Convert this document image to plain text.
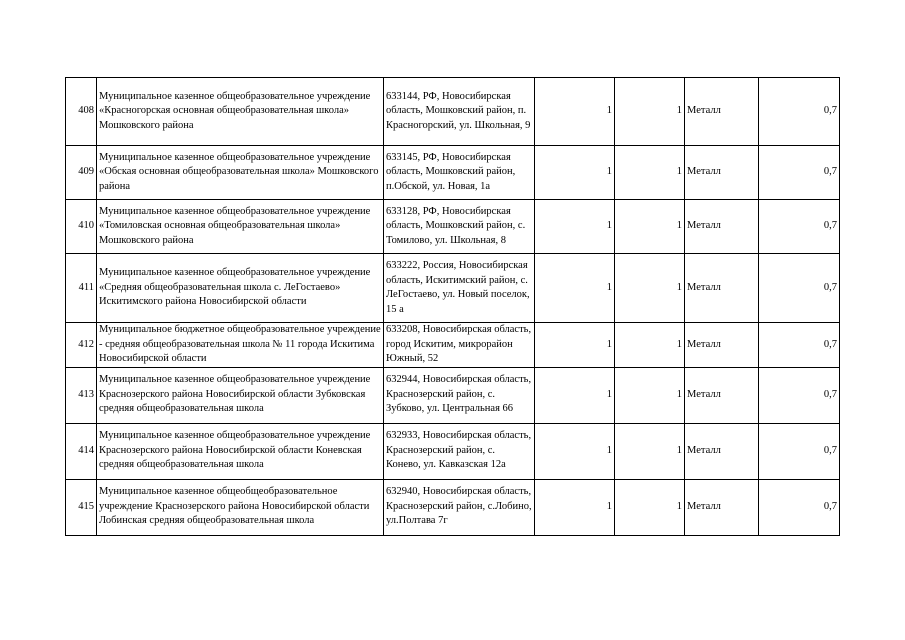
408	Муниципальное казенное общеобразовательное учреждение «Красногорская основная общеобразовательная школа» Мошковского района	633144, РФ, Новосибирская область, Мошковский район, п. Красногорский, ул. Школьная, 9	1	1	Металл	0,7
409	Муниципальное казенное общеобразовательное учреждение «Обская основная общеобразовательная школа» Мошковского района	633145, РФ, Новосибирская область, Мошковский район, п.Обской, ул. Новая, 1а	1	1	Металл	0,7
410	Муниципальное казенное общеобразовательное учреждение «Томиловская основная общеобразовательная школа» Мошковского района	633128, РФ, Новосибирская область, Мошковский район, с. Томилово, ул. Школьная, 8	1	1	Металл	0,7
411	Муниципальное казенное общеобразовательное учреждение «Средняя общеобразовательная школа с. ЛеГостаево» Искитимского района Новосибирской области	633222, Россия, Новосибирская область, Искитимский район, с. ЛеГостаево, ул. Новый поселок, 15 а	1	1	Металл	0,7
412	Муниципальное бюджетное общеобразовательное учреждение - средняя общеобразовательная школа № 11 города Искитима Новосибирской области	633208, Новосибирская область, город Искитим, микрорайон Южный, 52	1	1	Металл	0,7
413	Муниципальное казенное общеобразовательное учреждение Краснозерского района Новосибирской области Зубковская средняя общеобразовательная школа	632944, Новосибирская область, Краснозерский район, с. Зубково, ул. Центральная 66	1	1	Металл	0,7
414	Муниципальное казенное общеобразовательное учреждение Краснозерского района Новосибирской области Коневская средняя общеобразовательная школа	632933, Новосибирская область, Краснозерский район, с. Конево, ул. Кавказская 12а	1	1	Металл	0,7
415	Муниципальное казенное общеобщеобразовательное учреждение Краснозерского района Новосибирской области Лобинская средняя общеобразовательная школа	632940, Новосибирская область, Краснозерский район, с.Лобино, ул.Полтава 7г	1	1	Металл	0,7
